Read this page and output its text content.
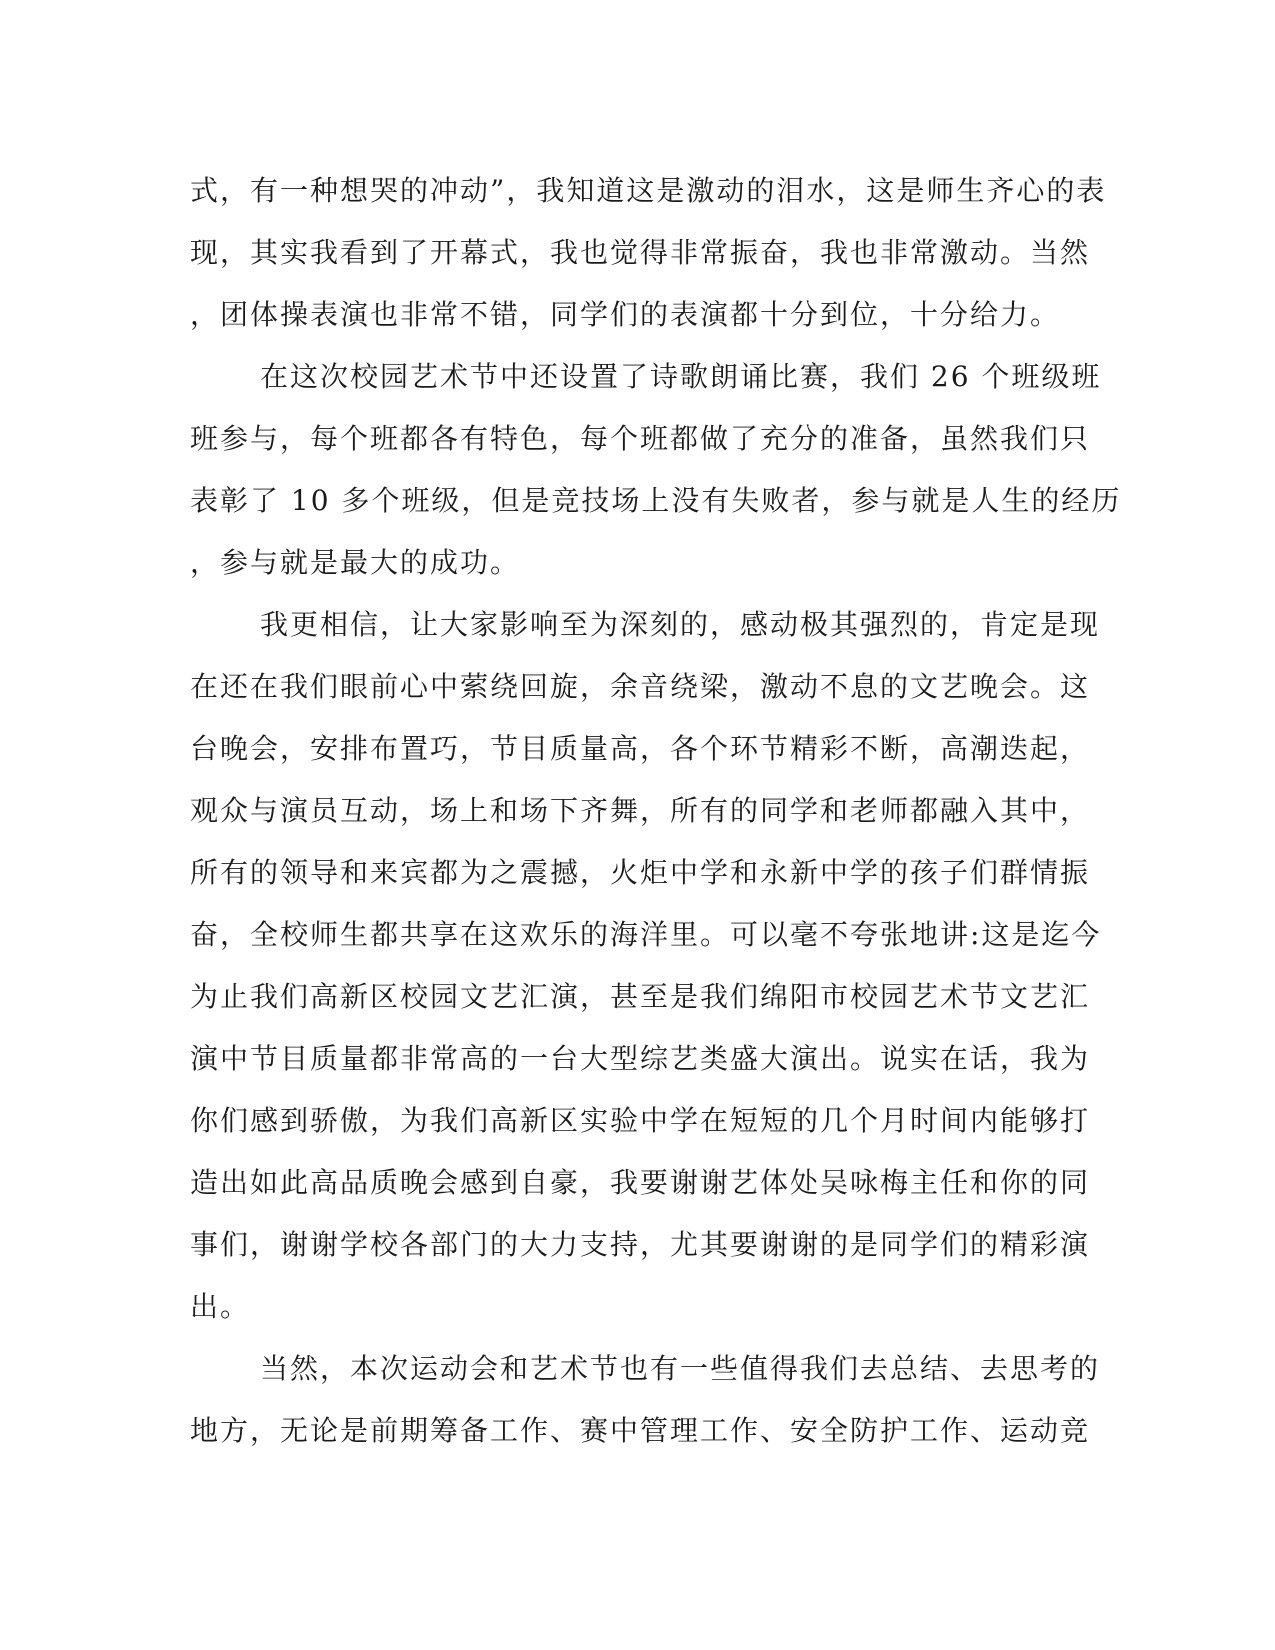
式，有一种想哭的冲动”，我知道这是激动的泪水，这是师生齐心的表
现，其实我看到了开幕式，我也觉得非常振奋，我也非常激动。当然
，团体操表演也非常不错，同学们的表演都十分到位，十分给力。
在这次校园艺术节中还设置了诗歌朗诵比赛，我们 26 个班级班
班参与，每个班都各有特色，每个班都做了充分的准备，虽然我们只
表彰了 10 多个班级，但是竞技场上没有失败者，参与就是人生的经历
，参与就是最大的成功。
我更相信，让大家影响至为深刻的，感动极其强烈的，肯定是现
在还在我们眼前心中萦绕回旋，余音绕梁，激动不息的文艺晚会。这
台晚会，安排布置巧，节目质量高，各个环节精彩不断，高潮迭起，
观众与演员互动，场上和场下齐舞，所有的同学和老师都融入其中，
所有的领导和来宾都为之震撼，火炬中学和永新中学的孩子们群情振
奋，全校师生都共享在这欢乐的海洋里。可以毫不夸张地讲:这是迄今
为止我们高新区校园文艺汇演，甚至是我们绵阳市校园艺术节文艺汇
演中节目质量都非常高的一台大型综艺类盛大演出。说实在话，我为
你们感到骄傲，为我们高新区实验中学在短短的几个月时间内能够打
造出如此高品质晚会感到自豪，我要谢谢艺体处吴咏梅主任和你的同
事们，谢谢学校各部门的大力支持，尤其要谢谢的是同学们的精彩演
出。
当然，本次运动会和艺术节也有一些值得我们去总结、去思考的
地方，无论是前期筹备工作、赛中管理工作、安全防护工作、运动竞
